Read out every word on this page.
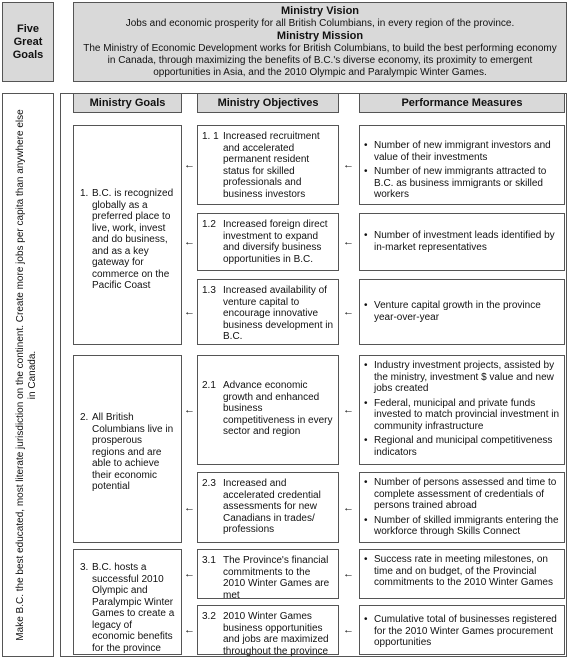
Five Great Goals
Ministry Vision
Jobs and economic prosperity for all British Columbians, in every region of the province.
Ministry Mission
The Ministry of Economic Development works for British Columbians, to build the best performing economy in Canada, through maximizing the benefits of B.C.'s diverse economy, its proximity to emergent opportunities in Asia, and the 2010 Olympic and Paralympic Winter Games.
Make B.C. the best educated, most literate jurisdiction on the continent. Create more jobs per capita than anywhere else in Canada.
Ministry Goals	Ministry Objectives	Performance Measures
1. B.C. is recognized globally as a preferred place to live, work, invest and do business, and as a key gateway for commerce on the Pacific Coast
2. All British Columbians live in prosperous regions and are able to achieve their economic potential
3. B.C. hosts a successful 2010 Olympic and Paralympic Winter Games to create a legacy of economic benefits for the province
1. 1 Increased recruitment and accelerated permanent resident status for skilled professionals and business investors
1.2 Increased foreign direct investment to expand and diversify business opportunities in B.C.
1.3 Increased availability of venture capital to encourage innovative business development in B.C.
2.1 Advance economic growth and enhanced business competitiveness in every sector and region
2.3 Increased and accelerated credential assessments for new Canadians in trades/ professions
3.1 The Province's financial commitments to the 2010 Winter Games are met
3.2 2010 Winter Games business opportunities and jobs are maximized throughout the province
• Number of new immigrant investors and value of their investments
• Number of new immigrants attracted to B.C. as business immigrants or skilled workers
• Number of investment leads identified by in-market representatives
• Venture capital growth in the province year-over-year
• Industry investment projects, assisted by the ministry, investment $ value and new jobs created
• Federal, municipal and private funds invested to match provincial investment in community infrastructure
• Regional and municipal competitiveness indicators
• Number of persons assessed and time to complete assessment of credentials of persons trained abroad
• Number of skilled immigrants entering the workforce through Skills Connect
• Success rate in meeting milestones, on time and on budget, of the Provincial commitments to the 2010 Winter Games
• Cumulative total of businesses registered for the 2010 Winter Games procurement opportunities
←
←
←
←
←
←
←
←
←
←
←
←
←
←
